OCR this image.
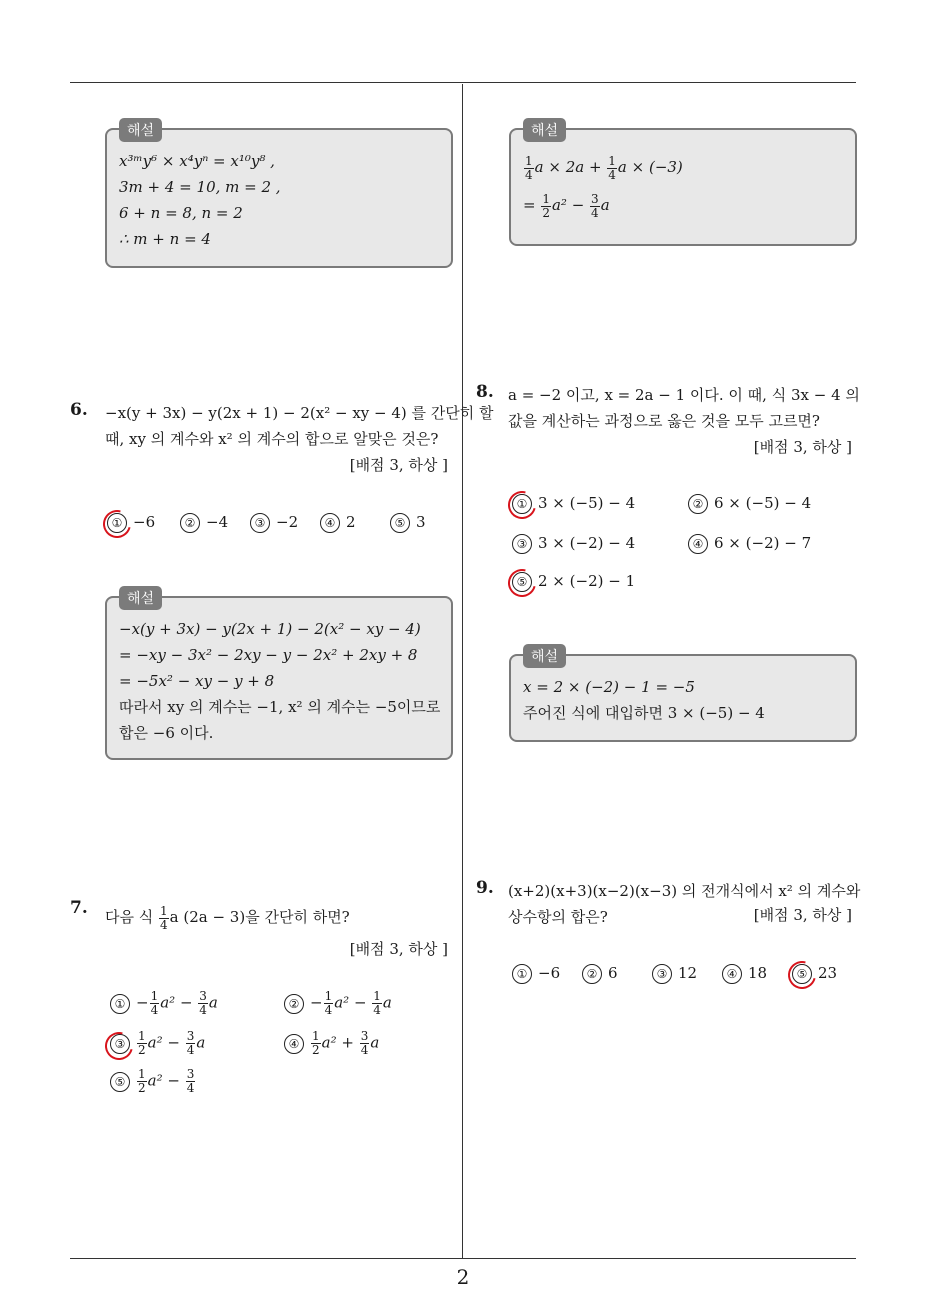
2
해설
x³ᵐy⁶ × x⁴yⁿ = x¹⁰y⁸ ,
3m + 4 = 10, m = 2 ,
6 + n = 8, n = 2
∴ m + n = 4
해설
$\frac{1}{4}$ $a \times 2a + \frac{1}{4}$ a × (−3)
= $\frac{1}{2} a^2 - \frac{3}{4}$ a
6. −x(y + 3x) − y(2x + 1) − 2(x² − xy − 4) 를 간단히 할
때, xy 의 계수와 x² 의 계수의 합으로 알맞은 것은?
[배점 3, 하상 ]
① −6	② −4	③ −2	④ 2	⑤ 3
해설
−x(y + 3x) − y(2x + 1) − 2(x² − xy − 4)
= −xy − 3x² − 2xy − y − 2x² + 2xy + 8
= −5x² − xy − y + 8
따라서 xy 의 계수는 −1, x² 의 계수는 −5이므로
합은 −6 이다.
7. 다음 식 $\frac{1}{4}$ a (2a − 3)을 간단히 하면?
[배점 3, 하상 ]
① − $\frac{1}{4} a^2 - \frac{3}{4}$ a	② − $\frac{1}{4} a^2 - \frac{1}{4}$ a
③ $\frac{1}{2} a^2 - \frac{3}{4}$ a	④ $\frac{1}{2} a^2 + \frac{3}{4}$ a
⑤ $\frac{1}{2} a^2 - \frac{3}{4}$
8. a = −2 이고, x = 2a − 1 이다. 이 때, 식 3x − 4 의
값을 계산하는 과정으로 옳은 것을 모두 고르면?
[배점 3, 하상 ]
① 3 × (−5) − 4	② 6 × (−5) − 4
③ 3 × (−2) − 4	④ 6 × (−2) − 7
⑤ 2 × (−2) − 1
해설
x = 2 × (−2) − 1 = −5
주어진 식에 대입하면 3 × (−5) − 4
9. (x+2)(x+3)(x−2)(x−3) 의 전개식에서 x² 의 계수와
상수항의 합은?	[배점 3, 하상 ]
① −6	② 6	③ 12	④ 18	⑤ 23
